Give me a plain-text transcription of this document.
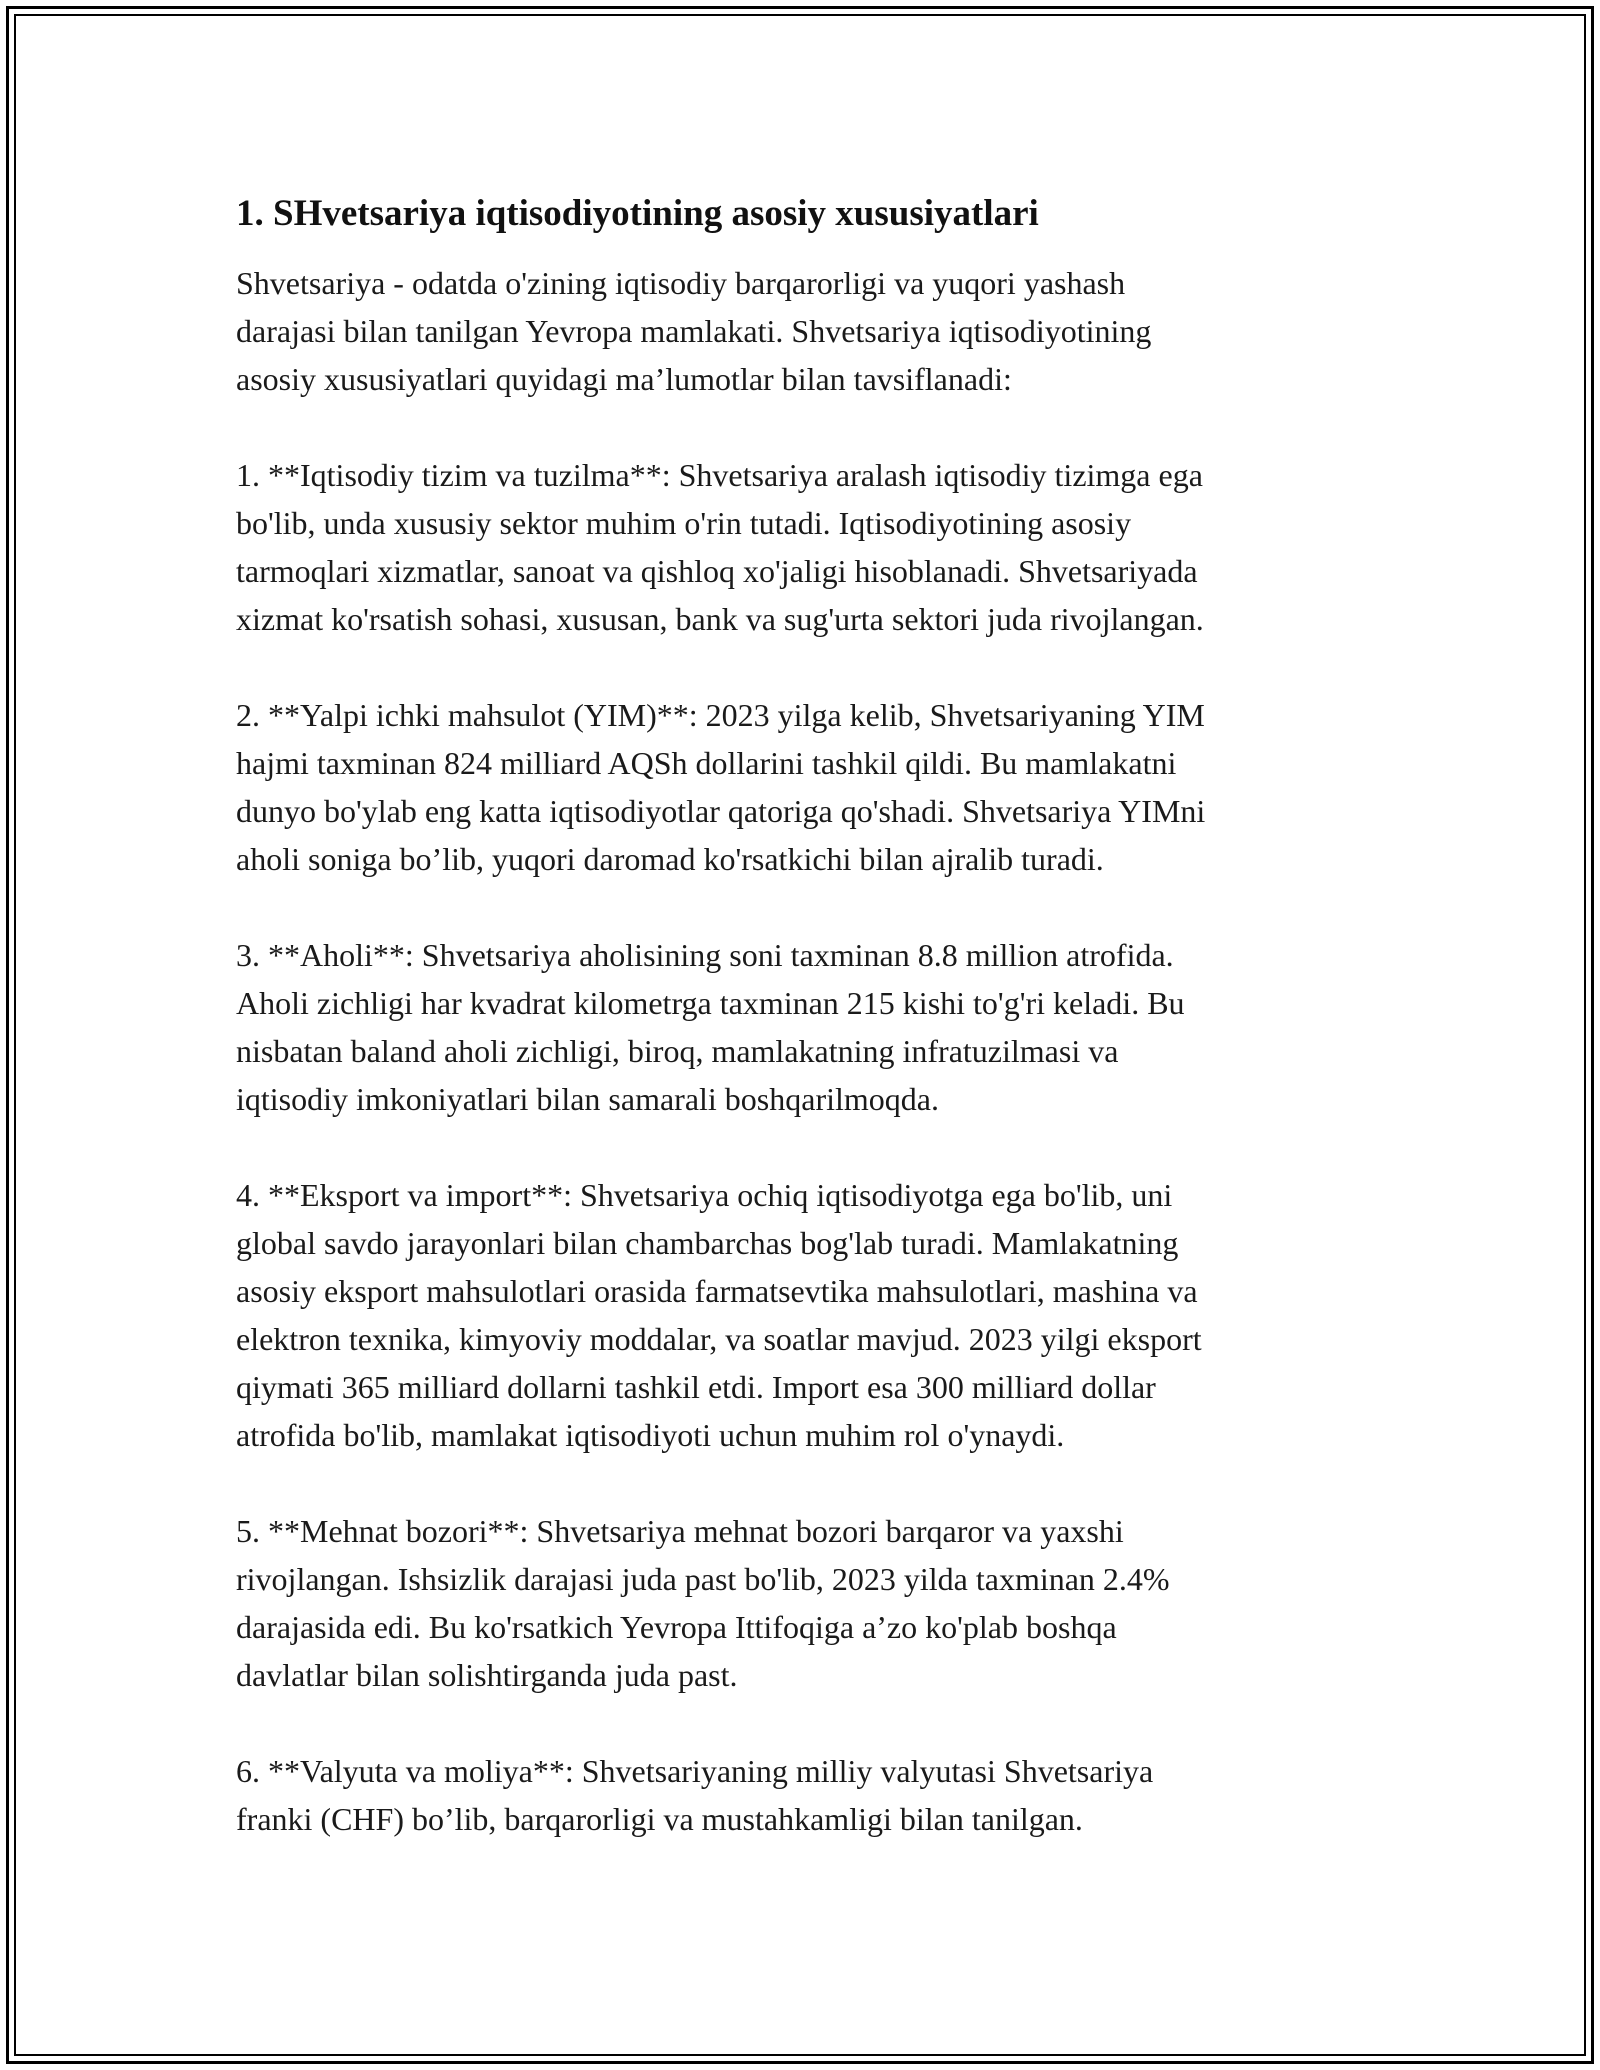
1. SHvetsariya iqtisodiyotining asosiy xususiyatlari

Shvetsariya - odatda o'zining iqtisodiy barqarorligi va yuqori yashash
darajasi bilan tanilgan Yevropa mamlakati. Shvetsariya iqtisodiyotining
asosiy xususiyatlari quyidagi ma’lumotlar bilan tavsiflanadi:

1. **Iqtisodiy tizim va tuzilma**: Shvetsariya aralash iqtisodiy tizimga ega
bo'lib, unda xususiy sektor muhim o'rin tutadi. Iqtisodiyotining asosiy
tarmoqlari xizmatlar, sanoat va qishloq xo'jaligi hisoblanadi. Shvetsariyada
xizmat ko'rsatish sohasi, xususan, bank va sug'urta sektori juda rivojlangan.

2. **Yalpi ichki mahsulot (YIM)**: 2023 yilga kelib, Shvetsariyaning YIM
hajmi taxminan 824 milliard AQSh dollarini tashkil qildi. Bu mamlakatni
dunyo bo'ylab eng katta iqtisodiyotlar qatoriga qo'shadi. Shvetsariya YIMni
aholi soniga bo’lib, yuqori daromad ko'rsatkichi bilan ajralib turadi.

3. **Aholi**: Shvetsariya aholisining soni taxminan 8.8 million atrofida.
Aholi zichligi har kvadrat kilometrga taxminan 215 kishi to'g'ri keladi. Bu
nisbatan baland aholi zichligi, biroq, mamlakatning infratuzilmasi va
iqtisodiy imkoniyatlari bilan samarali boshqarilmoqda.

4. **Eksport va import**: Shvetsariya ochiq iqtisodiyotga ega bo'lib, uni
global savdo jarayonlari bilan chambarchas bog'lab turadi. Mamlakatning
asosiy eksport mahsulotlari orasida farmatsevtika mahsulotlari, mashina va
elektron texnika, kimyoviy moddalar, va soatlar mavjud. 2023 yilgi eksport
qiymati 365 milliard dollarni tashkil etdi. Import esa 300 milliard dollar
atrofida bo'lib, mamlakat iqtisodiyoti uchun muhim rol o'ynaydi.

5. **Mehnat bozori**: Shvetsariya mehnat bozori barqaror va yaxshi
rivojlangan. Ishsizlik darajasi juda past bo'lib, 2023 yilda taxminan 2.4%
darajasida edi. Bu ko'rsatkich Yevropa Ittifoqiga a’zo ko'plab boshqa
davlatlar bilan solishtirganda juda past.

6. **Valyuta va moliya**: Shvetsariyaning milliy valyutasi Shvetsariya
franki (CHF) bo’lib, barqarorligi va mustahkamligi bilan tanilgan.
